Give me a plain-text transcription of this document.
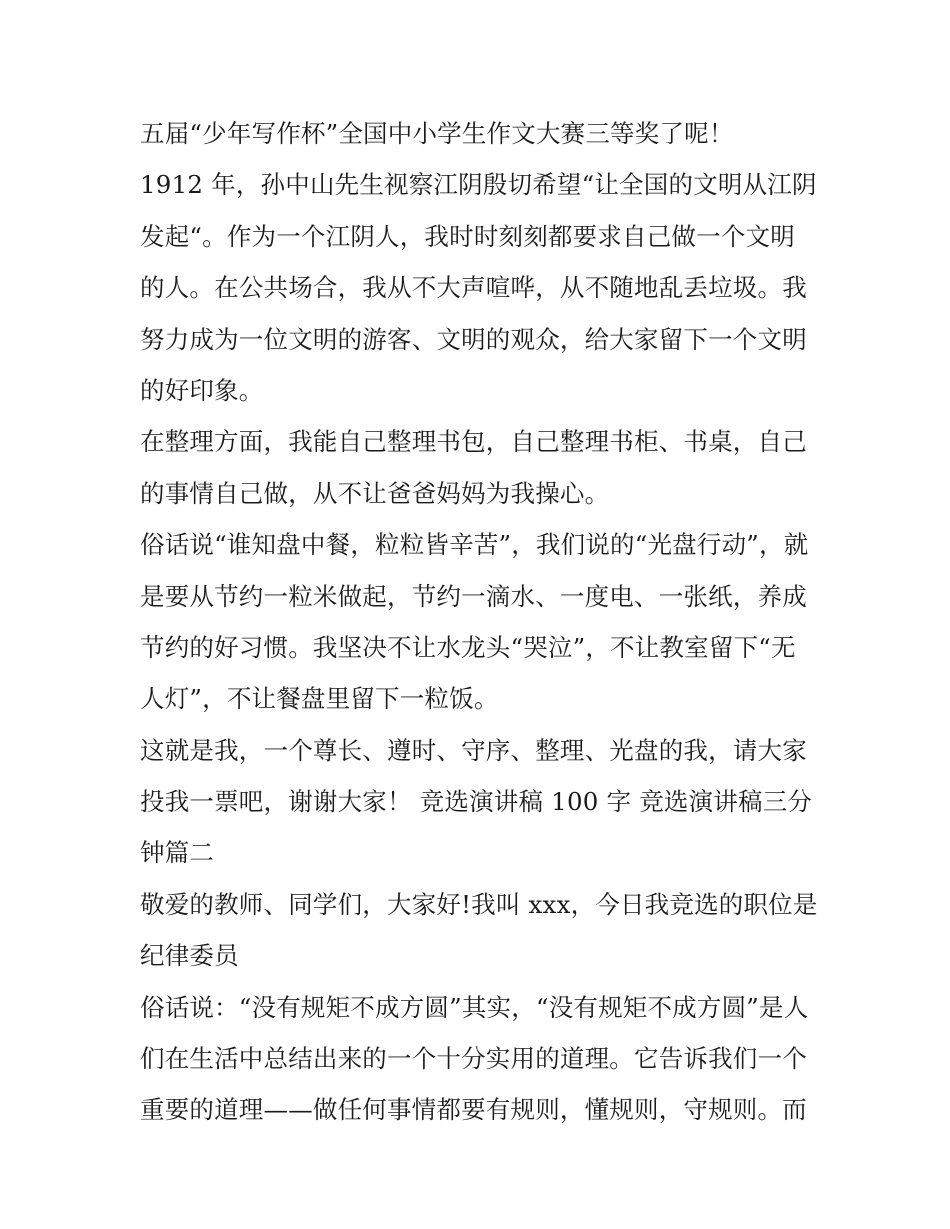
五届“少年写作杯”全国中小学生作文大赛三等奖了呢！
1912 年，孙中山先生视察江阴殷切希望“让全国的文明从江阴
发起“。作为一个江阴人，我时时刻刻都要求自己做一个文明
的人。在公共场合，我从不大声喧哗，从不随地乱丢垃圾。我
努力成为一位文明的游客、文明的观众，给大家留下一个文明
的好印象。
在整理方面，我能自己整理书包，自己整理书柜、书桌，自己
的事情自己做，从不让爸爸妈妈为我操心。
俗话说“谁知盘中餐，粒粒皆辛苦”，我们说的“光盘行动”，就
是要从节约一粒米做起，节约一滴水、一度电、一张纸，养成
节约的好习惯。我坚决不让水龙头“哭泣”，不让教室留下“无
人灯”，不让餐盘里留下一粒饭。
这就是我，一个尊长、遵时、守序、整理、光盘的我，请大家
投我一票吧，谢谢大家！ 竞选演讲稿 100 字 竞选演讲稿三分
钟篇二
敬爱的教师、同学们，大家好!我叫 xxx，今日我竞选的职位是
纪律委员
俗话说：“没有规矩不成方圆”其实，“没有规矩不成方圆”是人
们在生活中总结出来的一个十分实用的道理。它告诉我们一个
重要的道理——做任何事情都要有规则，懂规则，守规则。而
